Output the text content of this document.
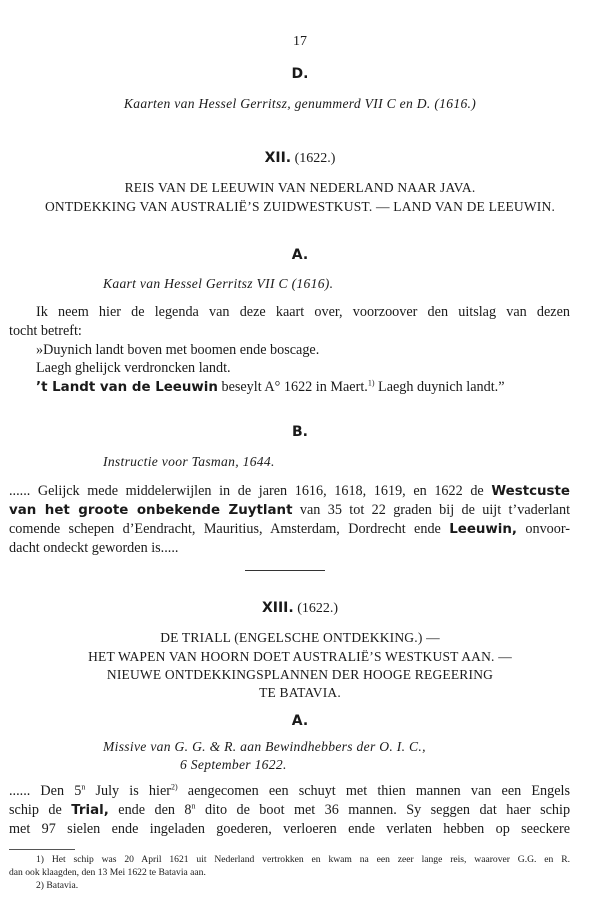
17
D.
Kaarten van Hessel Gerritsz, genummerd VII C en D. (1616.)
XII. (1622.)
REIS VAN DE LEEUWIN VAN NEDERLAND NAAR JAVA.
ONTDEKKING VAN AUSTRALIË’S ZUIDWESTKUST. — LAND VAN DE LEEUWIN.
A.
Kaart van Hessel Gerritsz VII C (1616).
Ik neem hier de legenda van deze kaart over, voorzoover den uitslag van dezen
tocht betreft:
»Duynich landt boven met boomen ende boscage.
Laegh ghelijck verdroncken landt.
’t Landt van de Leeuwin beseylt A° 1622 in Maert.$^{1)}$ Laegh duynich landt.”
B.
Instructie voor Tasman, 1644.
...... Gelijck mede middelerwijlen in de jaren 1616, 1618, 1619, en 1622 de Westcuste
van het groote onbekende Zuytlant van 35 tot 22 graden bij de uijt t’vaderlant
comende schepen d’Eendracht, Mauritius, Amsterdam, Dordrecht ende Leeuwin, onvoor-
dacht ondeckt geworden is.....
XIII. (1622.)
DE TRIALL (ENGELSCHE ONTDEKKING.) —
HET WAPEN VAN HOORN DOET AUSTRALIË’S WESTKUST AAN. —
NIEUWE ONTDEKKINGSPLANNEN DER HOOGE REGEERING
TE BATAVIA.
A.
Missive van G. G. & R. aan Bewindhebbers der O. I. C.,
6 September 1622.
...... Den 5$^n$ July is hier$^{2)}$ aengecomen een schuyt met thien mannen van een Engels
schip de Trial, ende den 8$^n$ dito de boot met 36 mannen. Sy seggen dat haer schip
met 97 sielen ende ingeladen goederen, verloeren ende verlaten hebben op seeckere
1) Het schip was 20 April 1621 uit Nederland vertrokken en kwam na een zeer lange reis, waarover G.G. en R.
dan ook klaagden, den 13 Mei 1622 te Batavia aan.
2) Batavia.
